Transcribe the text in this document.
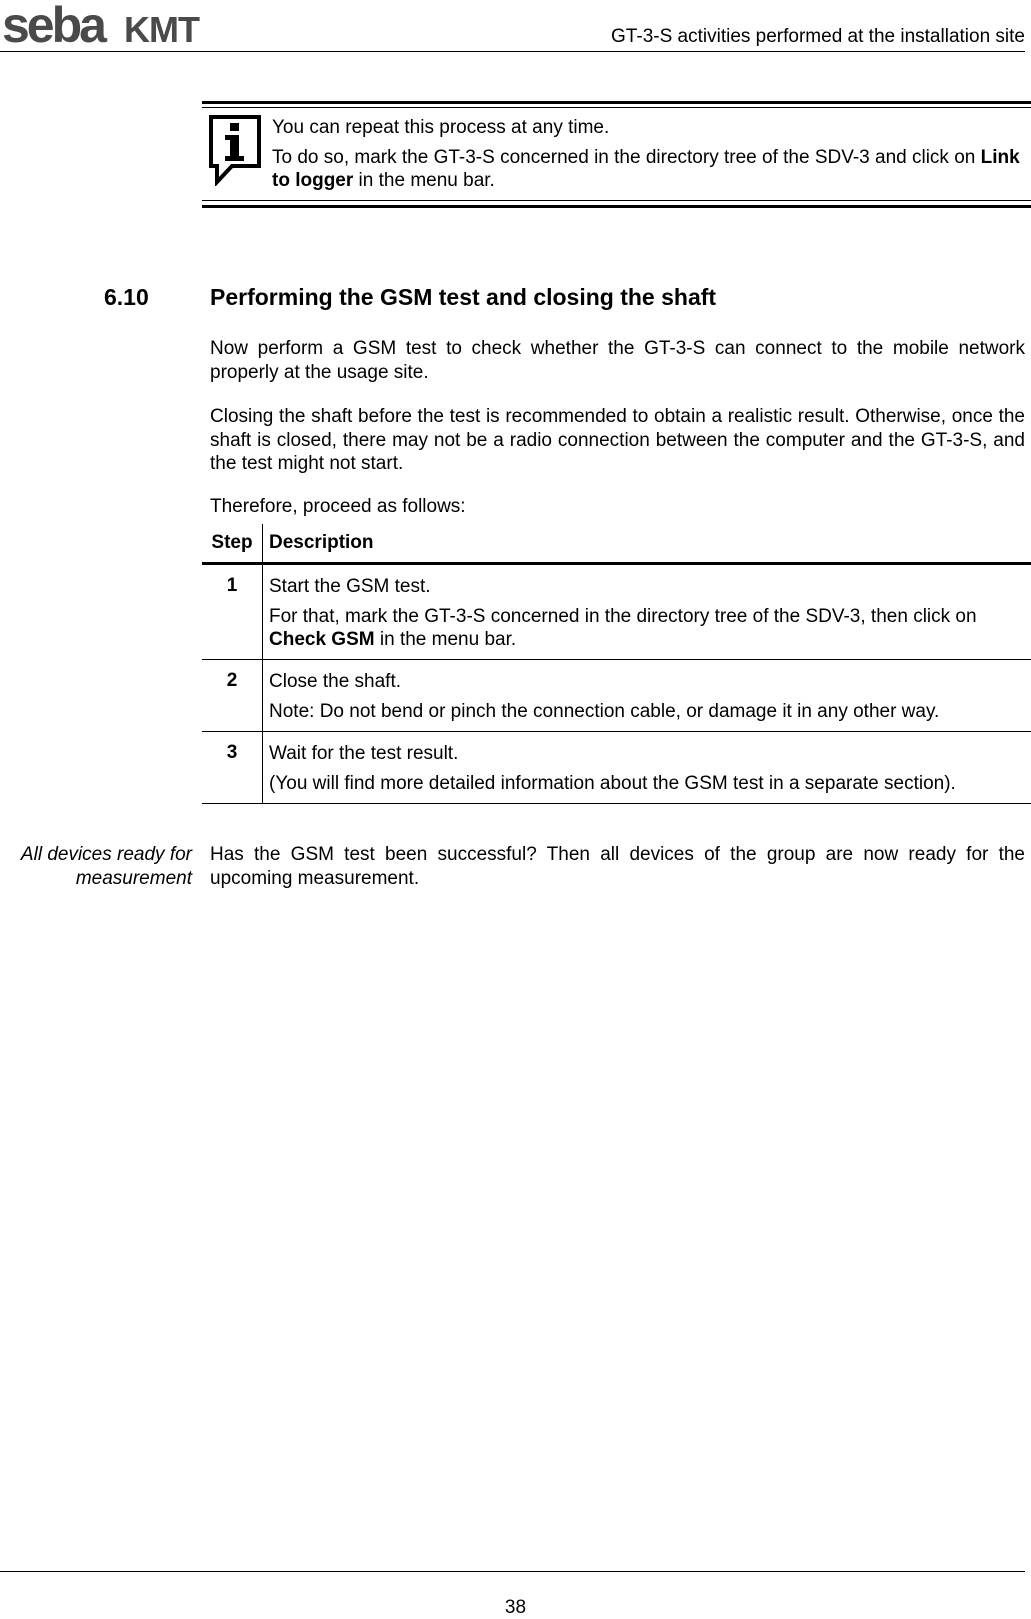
seba KMT	GT-3-S activities performed at the installation site

You can repeat this process at any time.

To do so, mark the GT-3-S concerned in the directory tree of the SDV-3 and click on Link to logger in the menu bar.

6.10	Performing the GSM test and closing the shaft
Now perform a GSM test to check whether the GT-3-S can connect to the mobile network properly at the usage site.
Closing the shaft before the test is recommended to obtain a realistic result. Otherwise, once the shaft is closed, there may not be a radio connection between the computer and the GT-3-S, and the test might not start.
Therefore, proceed as follows:
Step	Description
1	Start the GSM test.

For that, mark the GT-3-S concerned in the directory tree of the SDV-3, then click on Check GSM in the menu bar.

2	Close the shaft.

Note: Do not bend or pinch the connection cable, or damage it in any other way.

3	Wait for the test result.

(You will find more detailed information about the GSM test in a separate section).

All devices ready for measurement
Has the GSM test been successful? Then all devices of the group are now ready for the upcoming measurement.
38
